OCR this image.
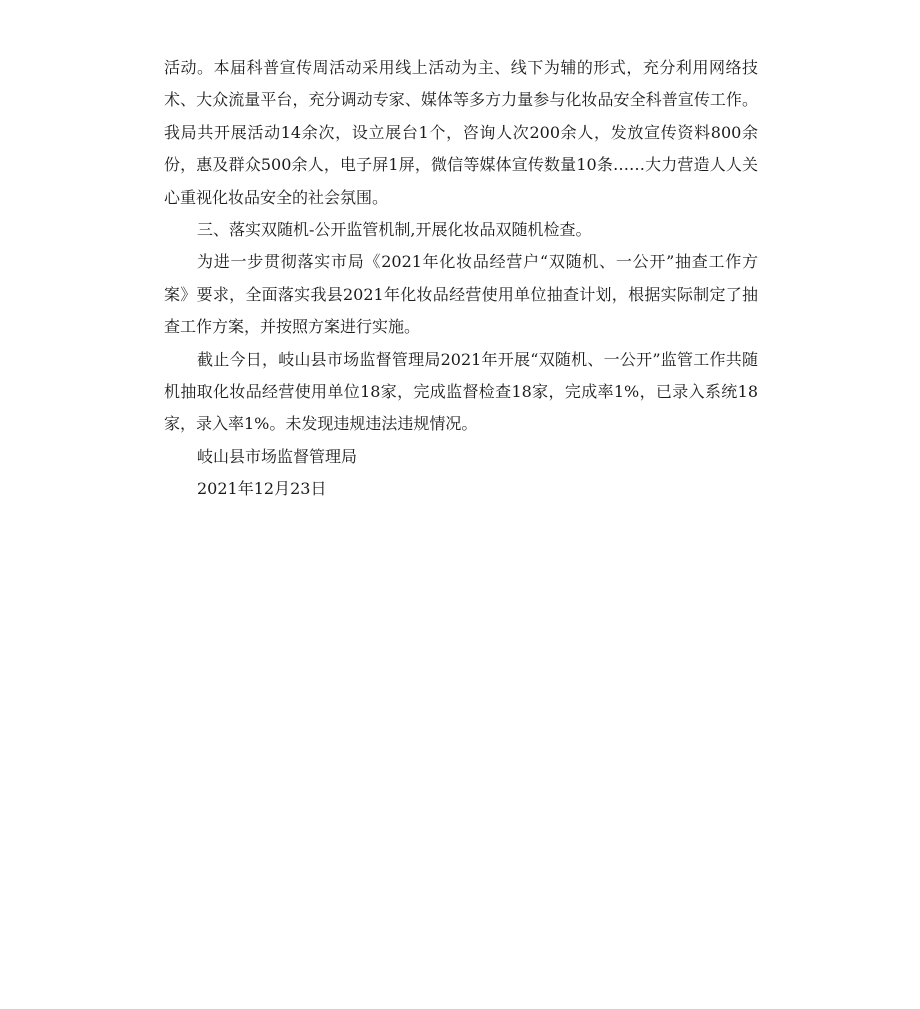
活动。本届科普宣传周活动采用线上活动为主、线下为辅的形式，充分利用网络技术、大众流量平台，充分调动专家、媒体等多方力量参与化妆品安全科普宣传工作。我局共开展活动14余次，设立展台1个，咨询人次200余人，发放宣传资料800余份，惠及群众500余人，电子屏1屏，微信等媒体宣传数量10条……大力营造人人关心重视化妆品安全的社会氛围。

三、落实双随机-公开监管机制,开展化妆品双随机检查。

为进一步贯彻落实市局《2021年化妆品经营户“双随机、一公开”抽查工作方案》要求，全面落实我县2021年化妆品经营使用单位抽查计划，根据实际制定了抽查工作方案，并按照方案进行实施。

截止今日，岐山县市场监督管理局2021年开展“双随机、一公开”监管工作共随机抽取化妆品经营使用单位18家，完成监督检查18家，完成率1%，已录入系统18家，录入率1%。未发现违规违法违规情况。

岐山县市场监督管理局

2021年12月23日
